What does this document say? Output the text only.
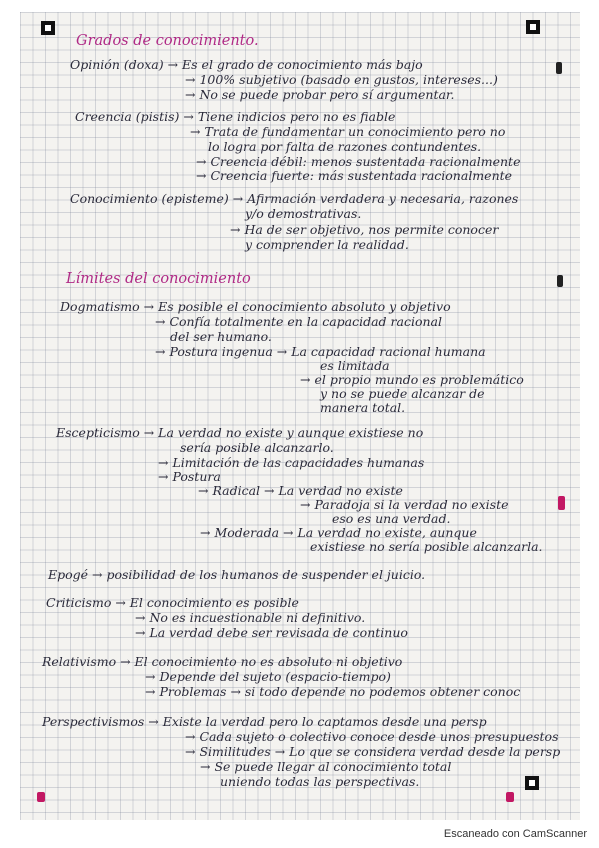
Grados de conocimiento.
Opinión (doxa) → Es el grado de conocimiento más bajo
→ 100% subjetivo (basado en gustos, intereses...)
→ No se puede probar pero sí argumentar.
Creencia (pistis) → Tiene indicios pero no es fiable
→ Trata de fundamentar un conocimiento pero no
lo logra por falta de razones contundentes.
→ Creencia débil: menos sustentada racionalmente
→ Creencia fuerte: más sustentada racionalmente
Conocimiento (episteme) → Afirmación verdadera y necesaria, razones
y/o demostrativas.
→ Ha de ser objetivo, nos permite conocer
y comprender la realidad.
Límites del conocimiento
Dogmatismo → Es posible el conocimiento absoluto y objetivo
→ Confía totalmente en la capacidad racional
del ser humano.
→ Postura ingenua → La capacidad racional humana
es limitada
→ el propio mundo es problemático
y no se puede alcanzar de
manera total.
Escepticismo → La verdad no existe y aunque existiese no
sería posible alcanzarlo.
→ Limitación de las capacidades humanas
→ Postura
→ Radical → La verdad no existe
→ Paradoja si la verdad no existe
eso es una verdad.
→ Moderada → La verdad no existe, aunque
existiese no sería posible alcanzarla.
Epogé → posibilidad de los humanos de suspender el juicio.
Criticismo → El conocimiento es posible
→ No es incuestionable ni definitivo.
→ La verdad debe ser revisada de continuo
Relativismo → El conocimiento no es absoluto ni objetivo
→ Depende del sujeto (espacio-tiempo)
→ Problemas → si todo depende no podemos obtener conoc
Perspectivismos → Existe la verdad pero lo captamos desde una persp
→ Cada sujeto o colectivo conoce desde unos presupuestos
→ Similitudes → Lo que se considera verdad desde la persp
→ Se puede llegar al conocimiento total
uniendo todas las perspectivas.
Escaneado con CamScanner
